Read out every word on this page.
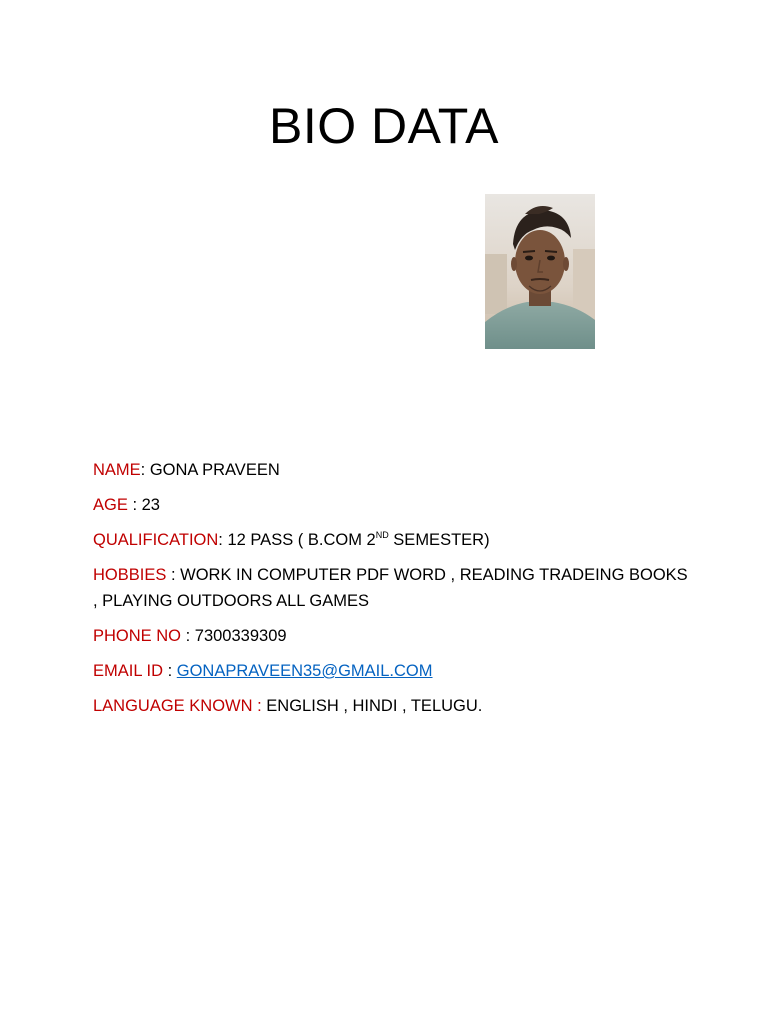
BIO DATA

NAME: GONA PRAVEEN

AGE : 23

QUALIFICATION: 12 PASS ( B.COM 2ND SEMESTER)

HOBBIES : WORK IN COMPUTER PDF WORD , READING TRADEING BOOKS , PLAYING OUTDOORS ALL GAMES

PHONE NO : 7300339309

EMAIL ID : GONAPRAVEEN35@GMAIL.COM

LANGUAGE KNOWN : ENGLISH , HINDI , TELUGU.
